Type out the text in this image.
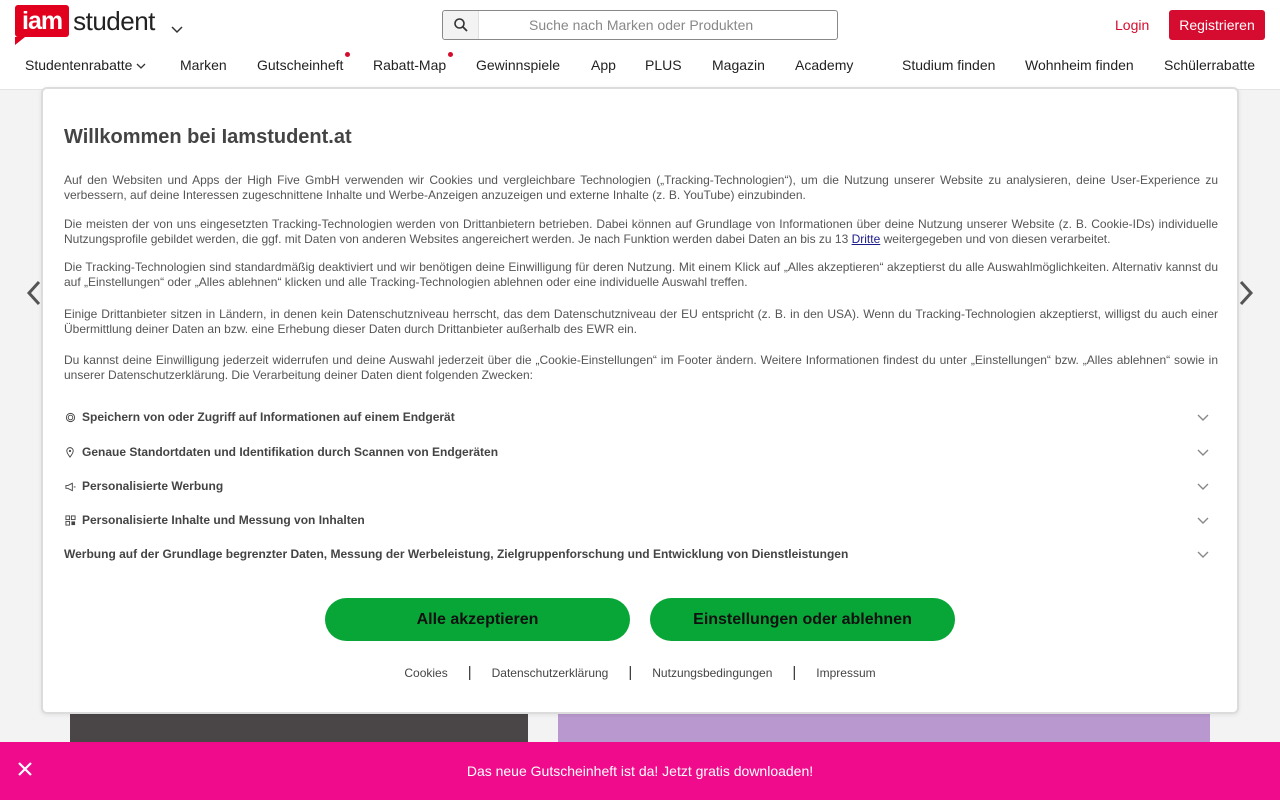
iam student
Suche nach Marken oder Produkten	Login	Registrieren
Studentenrabatte	Marken Gutscheinheft Rabatt-Map Gewinnspiele App PLUS Magazin Academy	Studium finden Wohnheim finden Schülerrabatte
Willkommen bei Iamstudent.at

Auf den Websiten und Apps der High Five GmbH verwenden wir Cookies und vergleichbare Technologien („Tracking-Technologien“), um die Nutzung unserer Website zu analysieren, deine User-Experience zu verbessern, auf deine Interessen zugeschnittene Inhalte und Werbe-Anzeigen anzuzeigen und externe Inhalte (z. B. YouTube) einzubinden.

Die meisten der von uns eingesetzten Tracking-Technologien werden von Drittanbietern betrieben. Dabei können auf Grundlage von Informationen über deine Nutzung unserer Website (z. B. Cookie-IDs) individuelle Nutzungsprofile gebildet werden, die ggf. mit Daten von anderen Websites angereichert werden. Je nach Funktion werden dabei Daten an bis zu 13 Dritte weitergegeben und von diesen verarbeitet.

Die Tracking-Technologien sind standardmäßig deaktiviert und wir benötigen deine Einwilligung für deren Nutzung. Mit einem Klick auf „Alles akzeptieren“ akzeptierst du alle Auswahlmöglichkeiten. Alternativ kannst du auf „Einstellungen“ oder „Alles ablehnen“ klicken und alle Tracking-Technologien ablehnen oder eine individuelle Auswahl treffen.

Einige Drittanbieter sitzen in Ländern, in denen kein Datenschutzniveau herrscht, das dem Datenschutzniveau der EU entspricht (z. B. in den USA). Wenn du Tracking-Technologien akzeptierst, willigst du auch einer Übermittlung deiner Daten an bzw. eine Erhebung dieser Daten durch Drittanbieter außerhalb des EWR ein.

Du kannst deine Einwilligung jederzeit widerrufen und deine Auswahl jederzeit über die „Cookie-Einstellungen“ im Footer ändern. Weitere Informationen findest du unter „Einstellungen“ bzw. „Alles ablehnen“ sowie in unserer Datenschutzerklärung. Die Verarbeitung deiner Daten dient folgenden Zwecken:

Speichern von oder Zugriff auf Informationen auf einem Endgerät
Genaue Standortdaten und Identifikation durch Scannen von Endgeräten
Personalisierte Werbung
Personalisierte Inhalte und Messung von Inhalten
Werbung auf der Grundlage begrenzter Daten, Messung der Werbeleistung, Zielgruppenforschung und Entwicklung von Dienstleistungen
Alle akzeptieren	Einstellungen oder ablehnen
Cookies | Datenschutzerklärung | Nutzungsbedingungen | Impressum
Das neue Gutscheinheft ist da! Jetzt gratis downloaden!
